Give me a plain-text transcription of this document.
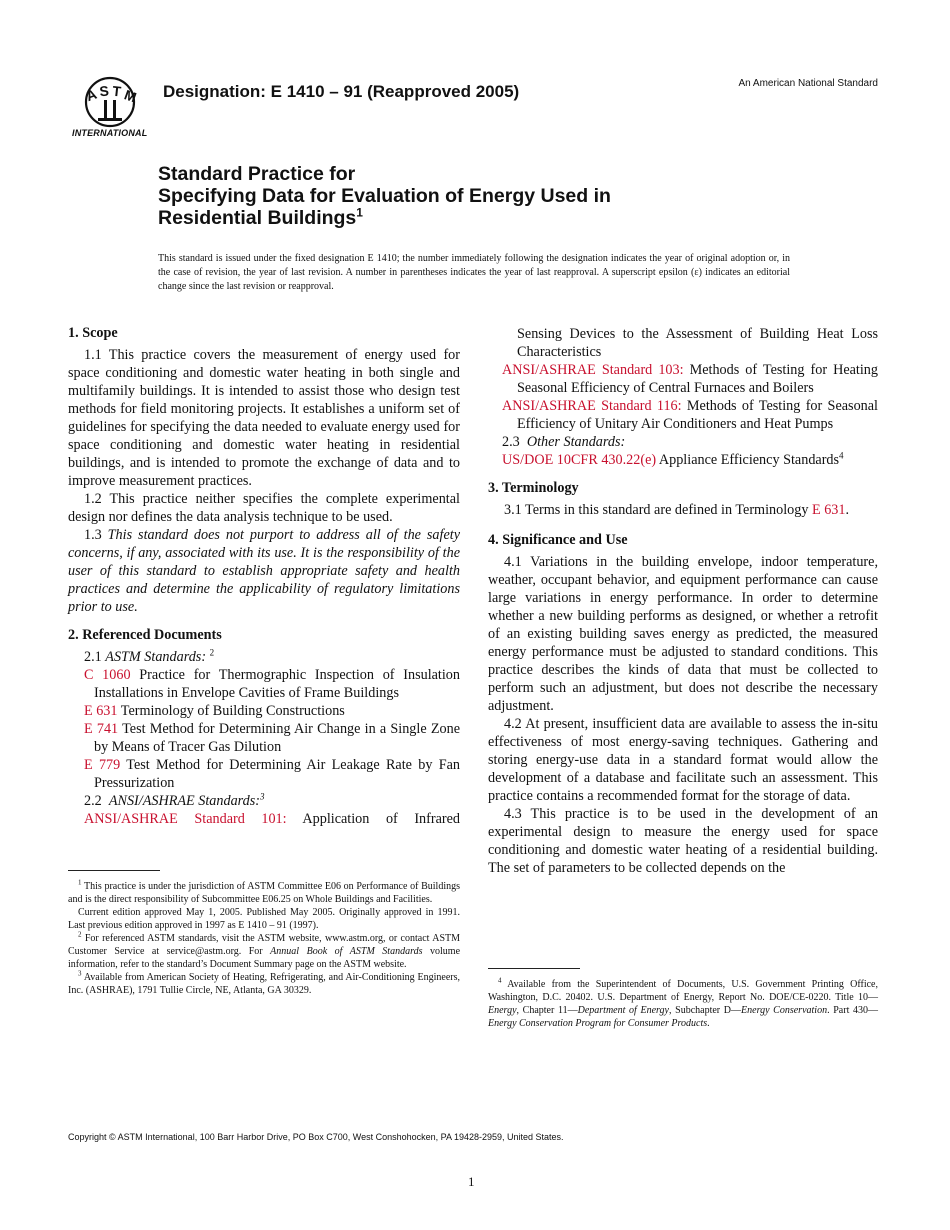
A S T M
INTERNATIONAL
Designation: E 1410 – 91 (Reapproved 2005)	An American National Standard
Standard Practice for
Specifying Data for Evaluation of Energy Used in
Residential Buildings$^1$
This standard is issued under the fixed designation E 1410; the number immediately following the designation indicates the year of original adoption or, in the case of revision, the year of last revision. A number in parentheses indicates the year of last reapproval. A superscript epsilon (ε) indicates an editorial change since the last revision or reapproval.

1. Scope

1.1 This practice covers the measurement of energy used for space conditioning and domestic water heating in both single and multifamily buildings. It is intended to assist those who design test methods for field monitoring projects. It establishes a uniform set of guidelines for specifying the data needed to evaluate energy used for space conditioning and domestic water heating in residential buildings, and is intended to promote the exchange of data and to improve measurement practices.

1.2 This practice neither specifies the complete experimental design nor defines the data analysis technique to be used.

1.3 This standard does not purport to address all of the safety concerns, if any, associated with its use. It is the responsibility of the user of this standard to establish appropriate safety and health practices and determine the applicability of regulatory limitations prior to use.

2. Referenced Documents

2.1 ASTM Standards: $^2$

C 1060 Practice for Thermographic Inspection of Insulation Installations in Envelope Cavities of Frame Buildings

E 631 Terminology of Building Constructions

E 741 Test Method for Determining Air Change in a Single Zone by Means of Tracer Gas Dilution

E 779 Test Method for Determining Air Leakage Rate by Fan Pressurization

2.2 ANSI/ASHRAE Standards:$^3$

ANSI/ASHRAE Standard 101: Application of Infrared

$^1$ This practice is under the jurisdiction of ASTM Committee E06 on Performance of Buildings and is the direct responsibility of Subcommittee E06.25 on Whole Buildings and Facilities.

Current edition approved May 1, 2005. Published May 2005. Originally approved in 1991. Last previous edition approved in 1997 as E 1410 – 91 (1997).

$^2$ For referenced ASTM standards, visit the ASTM website, www.astm.org, or contact ASTM Customer Service at service@astm.org. For Annual Book of ASTM Standards volume information, refer to the standard’s Document Summary page on the ASTM website.

$^3$ Available from American Society of Heating, Refrigerating, and Air-Conditioning Engineers, Inc. (ASHRAE), 1791 Tullie Circle, NE, Atlanta, GA 30329.

Sensing Devices to the Assessment of Building Heat Loss Characteristics

ANSI/ASHRAE Standard 103: Methods of Testing for Heating Seasonal Efficiency of Central Furnaces and Boilers

ANSI/ASHRAE Standard 116: Methods of Testing for Seasonal Efficiency of Unitary Air Conditioners and Heat Pumps

2.3 Other Standards:

US/DOE 10CFR 430.22(e) Appliance Efficiency Standards$^4$

3. Terminology

3.1 Terms in this standard are defined in Terminology E 631.

4. Significance and Use

4.1 Variations in the building envelope, indoor temperature, weather, occupant behavior, and equipment performance can cause large variations in energy performance. In order to determine whether a new building performs as designed, or whether a retrofit of an existing building saves energy as predicted, the measured energy performance must be adjusted to standard conditions. This practice describes the kinds of data that must be collected to perform such an adjustment, but does not describe the necessary adjustment.

4.2 At present, insufficient data are available to assess the in-situ effectiveness of most energy-saving techniques. Gathering and storing energy-use data in a standard format would allow the development of a database and facilitate such an assessment. This practice contains a recommended format for the storage of data.

4.3 This practice is to be used in the development of an experimental design to measure the energy used for space conditioning and domestic water heating of a residential building. The set of parameters to be collected depends on the

$^4$ Available from the Superintendent of Documents, U.S. Government Printing Office, Washington, D.C. 20402. U.S. Department of Energy, Report No. DOE/CE-0220. Title 10—Energy, Chapter 11—Department of Energy, Subchapter D—Energy Conservation. Part 430—Energy Conservation Program for Consumer Products.

Copyright © ASTM International, 100 Barr Harbor Drive, PO Box C700, West Conshohocken, PA 19428-2959, United States.
1
